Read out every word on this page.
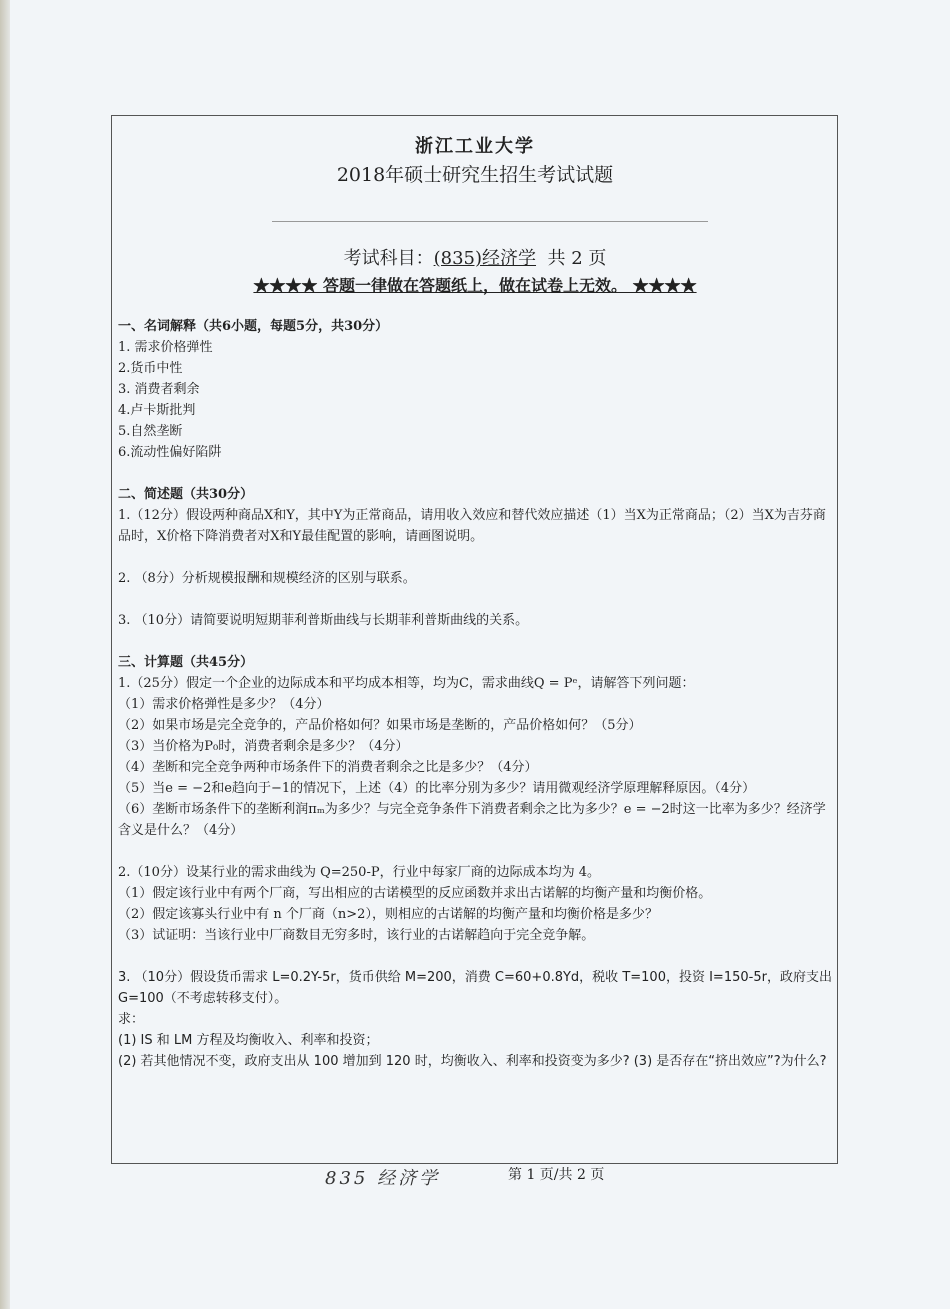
浙江工业大学
2018年硕士研究生招生考试试题
考试科目：(835)经济学 共 2 页
★★★★ 答题一律做在答题纸上，做在试卷上无效。 ★★★★

一、名词解释（共6小题，每题5分，共30分）

1. 需求价格弹性

2.货币中性

3. 消费者剩余

4.卢卡斯批判

5.自然垄断

6.流动性偏好陷阱

二、简述题（共30分）

1.（12分）假设两种商品X和Y，其中Y为正常商品，请用收入效应和替代效应描述（1）当X为正常商品；（2）当X为吉芬商品时，X价格下降消费者对X和Y最佳配置的影响，请画图说明。

2. （8分）分析规模报酬和规模经济的区别与联系。

3. （10分）请简要说明短期菲利普斯曲线与长期菲利普斯曲线的关系。

三、计算题（共45分）

1.（25分）假定一个企业的边际成本和平均成本相等，均为C，需求曲线Q = Pᵉ，请解答下列问题：

（1）需求价格弹性是多少？（4分）

（2）如果市场是完全竞争的，产品价格如何？如果市场是垄断的，产品价格如何？（5分）

（3）当价格为P₀时，消费者剩余是多少？（4分）

（4）垄断和完全竞争两种市场条件下的消费者剩余之比是多少？（4分）

（5）当e = −2和e趋向于−1的情况下，上述（4）的比率分别为多少？请用微观经济学原理解释原因。（4分）

（6）垄断市场条件下的垄断利润πₘ为多少？与完全竞争条件下消费者剩余之比为多少？e = −2时这一比率为多少？经济学含义是什么？（4分）

2.（10分）设某行业的需求曲线为 Q=250-P，行业中每家厂商的边际成本均为 4。

（1）假定该行业中有两个厂商，写出相应的古诺模型的反应函数并求出古诺解的均衡产量和均衡价格。

（2）假定该寡头行业中有 n 个厂商（n>2），则相应的古诺解的均衡产量和均衡价格是多少？

（3）试证明：当该行业中厂商数目无穷多时，该行业的古诺解趋向于完全竞争解。

3. （10分）假设货币需求 L=0.2Y-5r，货币供给 M=200，消费 C=60+0.8Yd，税收 T=100，投资 I=150-5r，政府支出 G=100（不考虑转移支付）。

求：

(1) IS 和 LM 方程及均衡收入、利率和投资；

(2) 若其他情况不变，政府支出从 100 增加到 120 时，均衡收入、利率和投资变为多少? (3) 是否存在“挤出效应”?为什么?

835 经济学	第 1 页/共 2 页
